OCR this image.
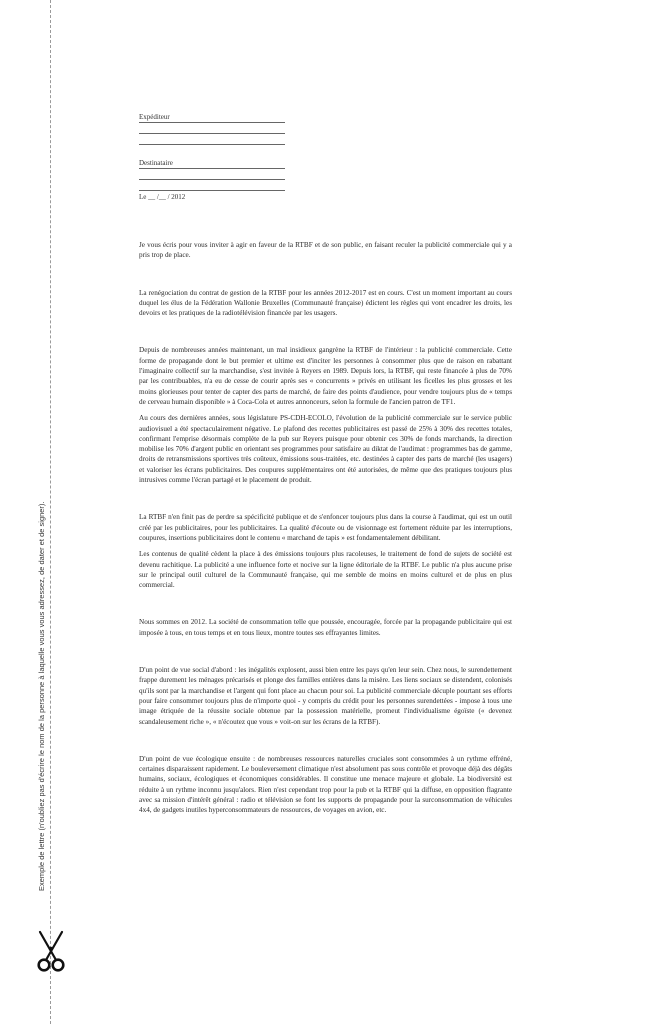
Exemple de lettre (n'oubliez pas d'écrire le nom de la personne à laquelle vous vous adressez, de dater et de signer).
Expéditeur
Destinataire
Le __ /__ / 2012

Je vous écris pour vous inviter à agir en faveur de la RTBF et de son public, en faisant reculer la publicité commerciale qui y a pris trop de place.

La renégociation du contrat de gestion de la RTBF pour les années 2012-2017 est en cours. C'est un moment important au cours duquel les élus de la Fédération Wallonie Bruxelles (Communauté française) édictent les règles qui vont encadrer les droits, les devoirs et les pratiques de la radiotélévision financée par les usagers.

Depuis de nombreuses années maintenant, un mal insidieux gangrène la RTBF de l'intérieur : la publicité commerciale. Cette forme de propagande dont le but premier et ultime est d'inciter les personnes à consommer plus que de raison en rabattant l'imaginaire collectif sur la marchandise, s'est invitée à Reyers en 1989. Depuis lors, la RTBF, qui reste financée à plus de 70% par les contribuables, n'a eu de cesse de courir après ses « concurrents » privés en utilisant les ficelles les plus grosses et les moins glorieuses pour tenter de capter des parts de marché, de faire des points d'audience, pour vendre toujours plus de « temps de cerveau humain disponible » à Coca-Cola et autres annonceurs, selon la formule de l'ancien patron de TF1.

Au cours des dernières années, sous législature PS-CDH-ECOLO, l'évolution de la publicité commerciale sur le service public audiovisuel a été spectaculairement négative. Le plafond des recettes publicitaires est passé de 25% à 30% des recettes totales, confirmant l'emprise désormais complète de la pub sur Reyers puisque pour obtenir ces 30% de fonds marchands, la direction mobilise les 70% d'argent public en orientant ses programmes pour satisfaire au diktat de l'audimat : programmes bas de gamme, droits de retransmissions sportives très coûteux, émissions sous-traitées, etc. destinées à capter des parts de marché (les usagers) et valoriser les écrans publicitaires. Des coupures supplémentaires ont été autorisées, de même que des pratiques toujours plus intrusives comme l'écran partagé et le placement de produit.

La RTBF n'en finit pas de perdre sa spécificité publique et de s'enfoncer toujours plus dans la course à l'audimat, qui est un outil créé par les publicitaires, pour les publicitaires. La qualité d'écoute ou de visionnage est fortement réduite par les interruptions, coupures, insertions publicitaires dont le contenu « marchand de tapis » est fondamentalement débilitant.

Les contenus de qualité cèdent la place à des émissions toujours plus racoleuses, le traitement de fond de sujets de société est devenu rachitique. La publicité a une influence forte et nocive sur la ligne éditoriale de la RTBF. Le public n'a plus aucune prise sur le principal outil culturel de la Communauté française, qui me semble de moins en moins culturel et de plus en plus commercial.

Nous sommes en 2012. La société de consommation telle que poussée, encouragée, forcée par la propagande publicitaire qui est imposée à tous, en tous temps et en tous lieux, montre toutes ses effrayantes limites.

D'un point de vue social d'abord : les inégalités explosent, aussi bien entre les pays qu'en leur sein. Chez nous, le surendettement frappe durement les ménages précarisés et plonge des familles entières dans la misère. Les liens sociaux se distendent, colonisés qu'ils sont par la marchandise et l'argent qui font place au chacun pour soi. La publicité commerciale décuple pourtant ses efforts pour faire consommer toujours plus de n'importe quoi - y compris du crédit pour les personnes surendettées - impose à tous une image étriquée de la réussite sociale obtenue par la possession matérielle, promeut l'individualisme égoïste (« devenez scandaleusement riche », « n'écoutez que vous » voit-on sur les écrans de la RTBF).

D'un point de vue écologique ensuite : de nombreuses ressources naturelles cruciales sont consommées à un rythme effréné, certaines disparaissent rapidement. Le bouleversement climatique n'est absolument pas sous contrôle et provoque déjà des dégâts humains, sociaux, écologiques et économiques considérables. Il constitue une menace majeure et globale. La biodiversité est réduite à un rythme inconnu jusqu'alors. Rien n'est cependant trop pour la pub et la RTBF qui la diffuse, en opposition flagrante avec sa mission d'intérêt général : radio et télévision se font les supports de propagande pour la surconsommation de véhicules 4x4, de gadgets inutiles hyperconsommateurs de ressources, de voyages en avion, etc.
